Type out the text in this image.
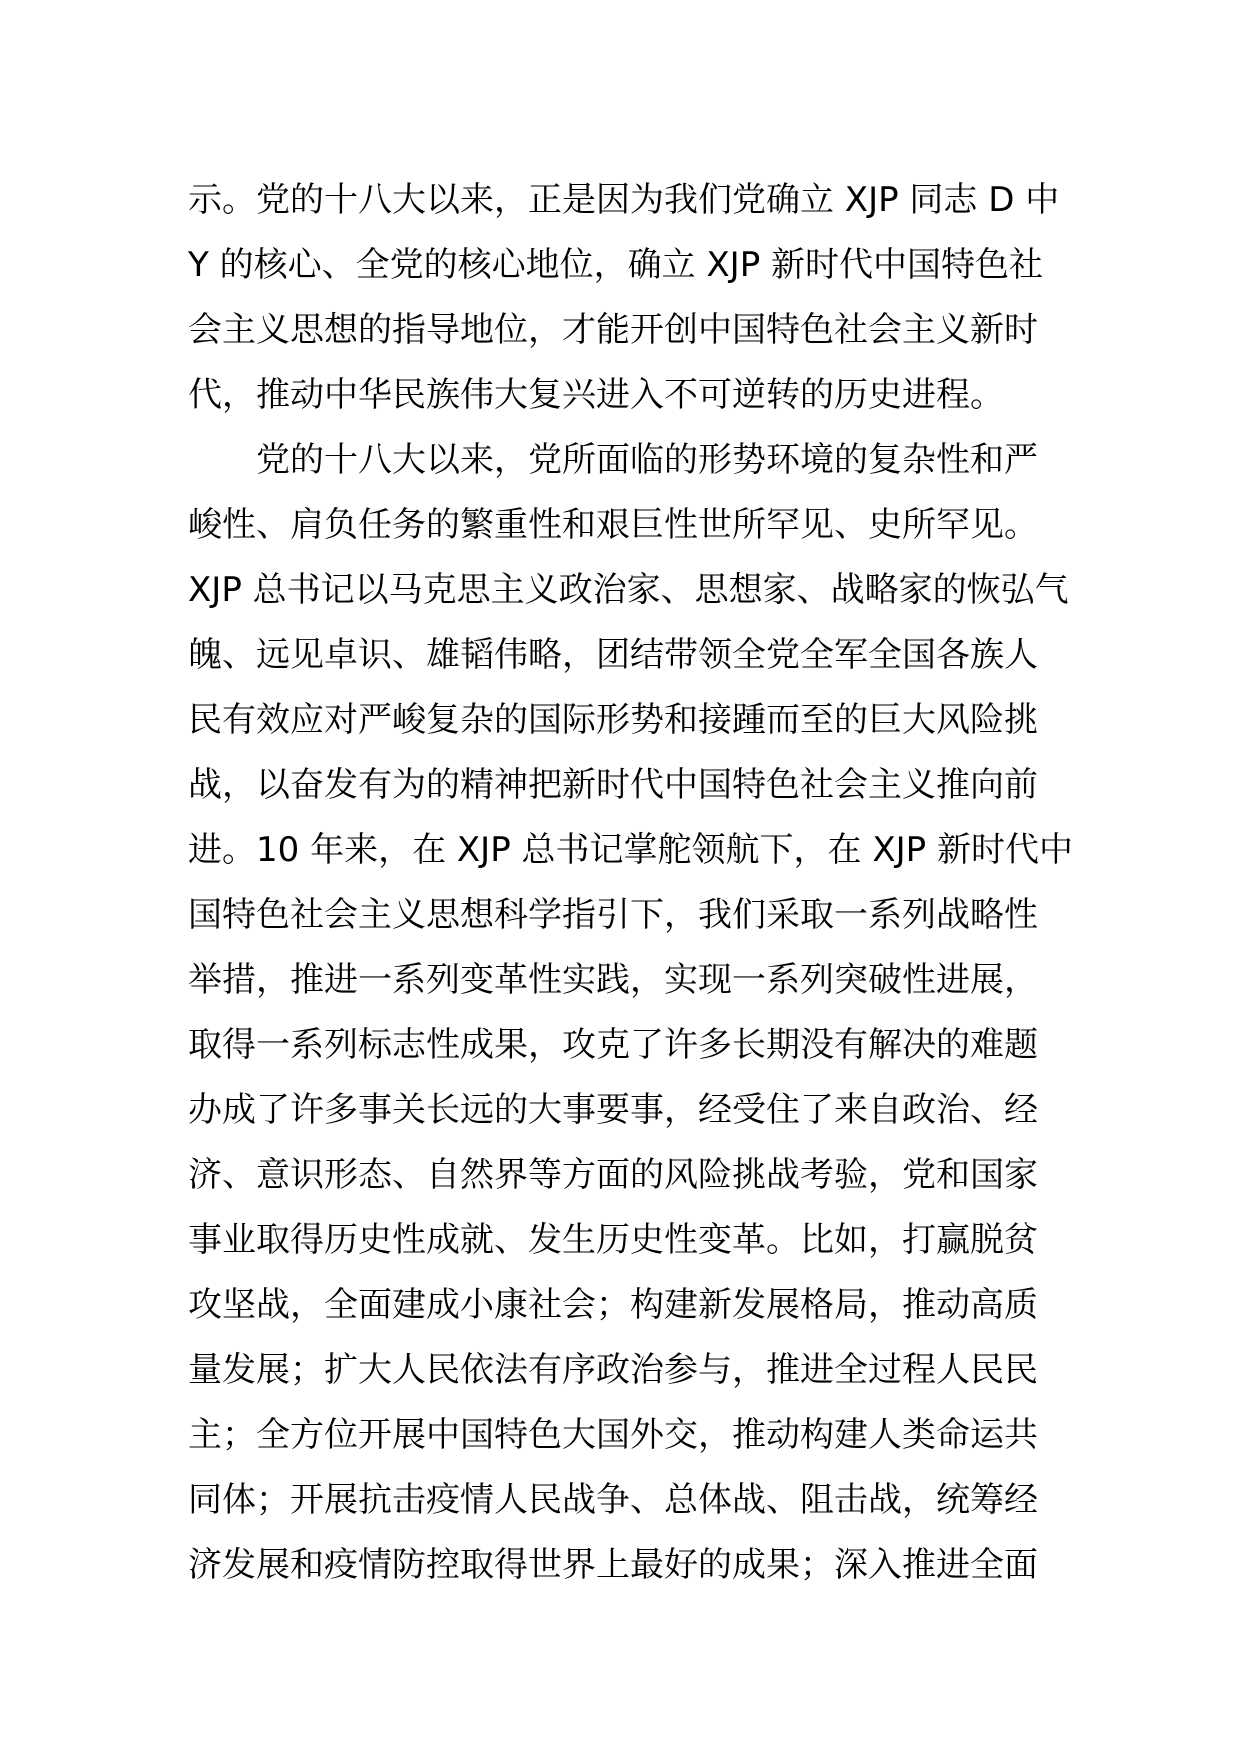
示。党的十八大以来，正是因为我们党确立 XJP 同志 D 中
Y 的核心、全党的核心地位，确立 XJP 新时代中国特色社
会主义思想的指导地位，才能开创中国特色社会主义新时
代，推动中华民族伟大复兴进入不可逆转的历史进程。
党的十八大以来，党所面临的形势环境的复杂性和严
峻性、肩负任务的繁重性和艰巨性世所罕见、史所罕见。
XJP 总书记以马克思主义政治家、思想家、战略家的恢弘气
魄、远见卓识、雄韬伟略，团结带领全党全军全国各族人
民有效应对严峻复杂的国际形势和接踵而至的巨大风险挑
战，以奋发有为的精神把新时代中国特色社会主义推向前
进。10 年来，在 XJP 总书记掌舵领航下，在 XJP 新时代中
国特色社会主义思想科学指引下，我们采取一系列战略性
举措，推进一系列变革性实践，实现一系列突破性进展，
取得一系列标志性成果，攻克了许多长期没有解决的难题
办成了许多事关长远的大事要事，经受住了来自政治、经
济、意识形态、自然界等方面的风险挑战考验，党和国家
事业取得历史性成就、发生历史性变革。比如，打赢脱贫
攻坚战，全面建成小康社会；构建新发展格局，推动高质
量发展；扩大人民依法有序政治参与，推进全过程人民民
主；全方位开展中国特色大国外交，推动构建人类命运共
同体；开展抗击疫情人民战争、总体战、阻击战，统筹经
济发展和疫情防控取得世界上最好的成果；深入推进全面
